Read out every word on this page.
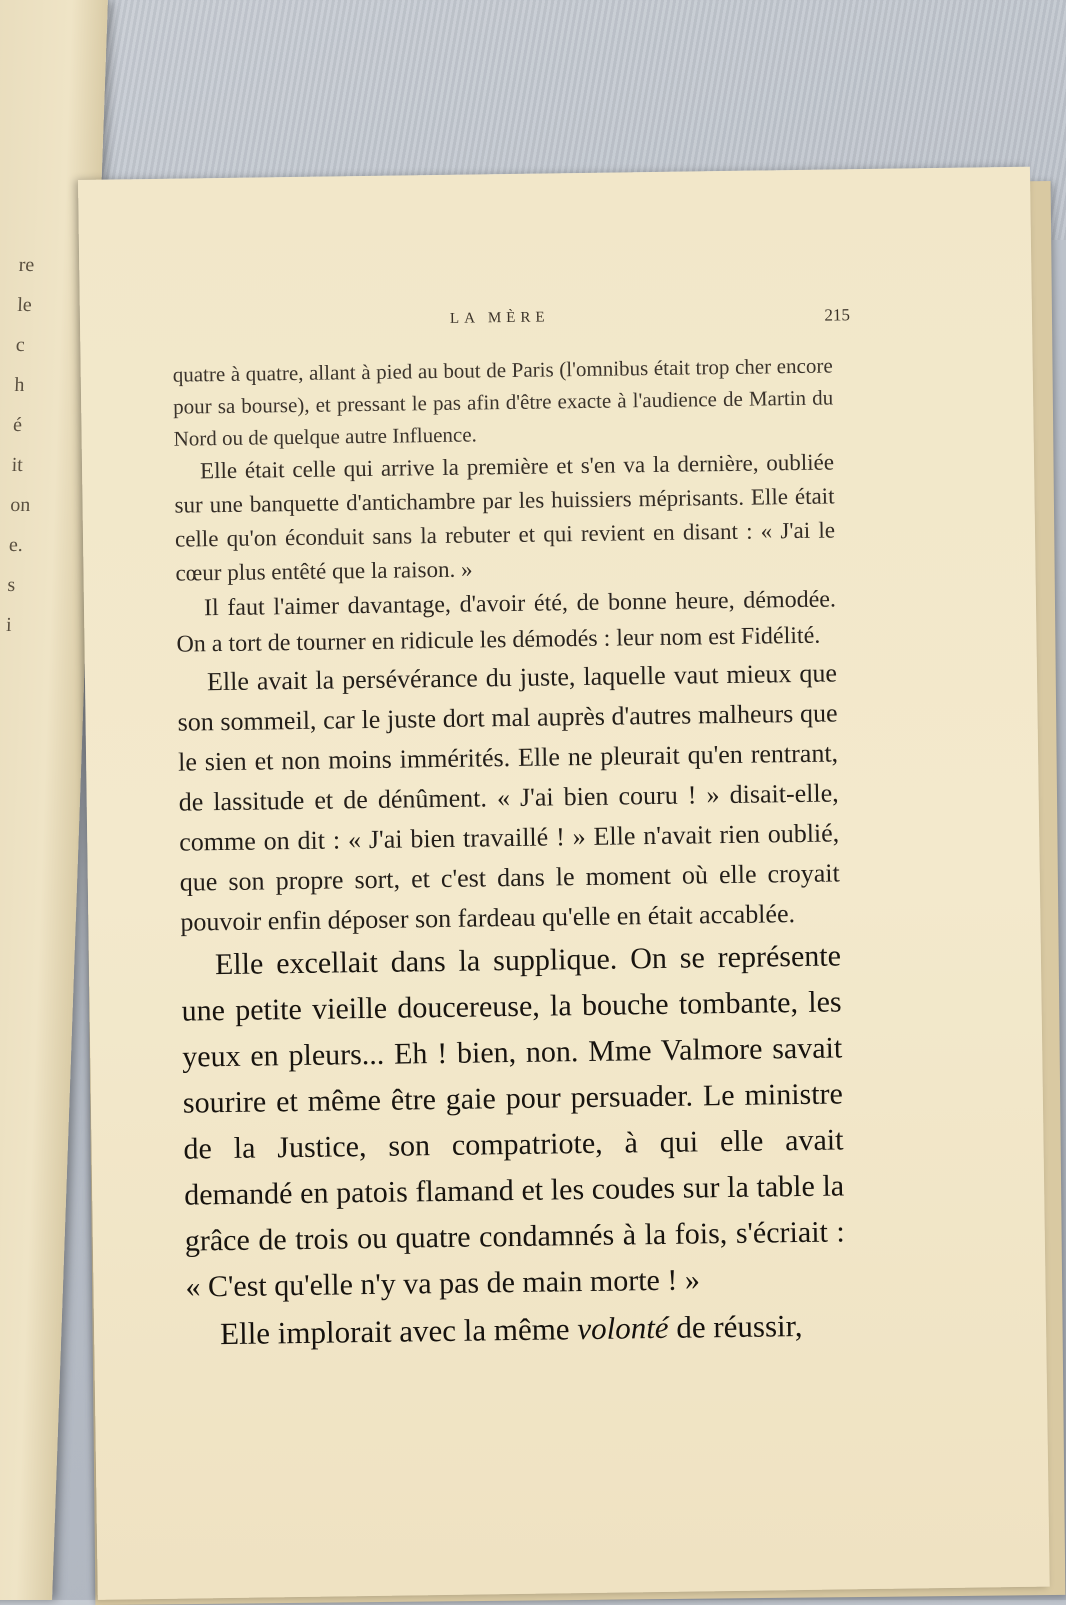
re
le
c
h
é
it
on
e.
s
i
LA MÈRE	215

quatre à quatre, allant à pied au bout de Paris (l'omnibus était trop cher encore pour sa bourse), et pressant le pas afin d'être exacte à l'audience de Martin du Nord ou de quelque autre Influence.

Elle était celle qui arrive la première et s'en va la dernière, oubliée sur une banquette d'antichambre par les huissiers méprisants. Elle était celle qu'on éconduit sans la rebuter et qui revient en disant : « J'ai le cœur plus entêté que la raison. »

Il faut l'aimer davantage, d'avoir été, de bonne heure, démodée. On a tort de tourner en ridicule les démodés : leur nom est Fidélité.

Elle avait la persévérance du juste, laquelle vaut mieux que son sommeil, car le juste dort mal auprès d'autres malheurs que le sien et non moins immérités. Elle ne pleurait qu'en rentrant, de lassitude et de dénûment. « J'ai bien couru ! » disait-elle, comme on dit : « J'ai bien travaillé ! » Elle n'avait rien oublié, que son propre sort, et c'est dans le moment où elle croyait pouvoir enfin déposer son fardeau qu'elle en était accablée.

Elle excellait dans la supplique. On se représente une petite vieille doucereuse, la bouche tombante, les yeux en pleurs... Eh ! bien, non. Mme Valmore savait sourire et même être gaie pour persuader. Le ministre de la Justice, son compatriote, à qui elle avait demandé en patois flamand et les coudes sur la table la grâce de trois ou quatre condamnés à la fois, s'écriait : « C'est qu'elle n'y va pas de main morte ! »

Elle implorait avec la même volonté de réussir,
